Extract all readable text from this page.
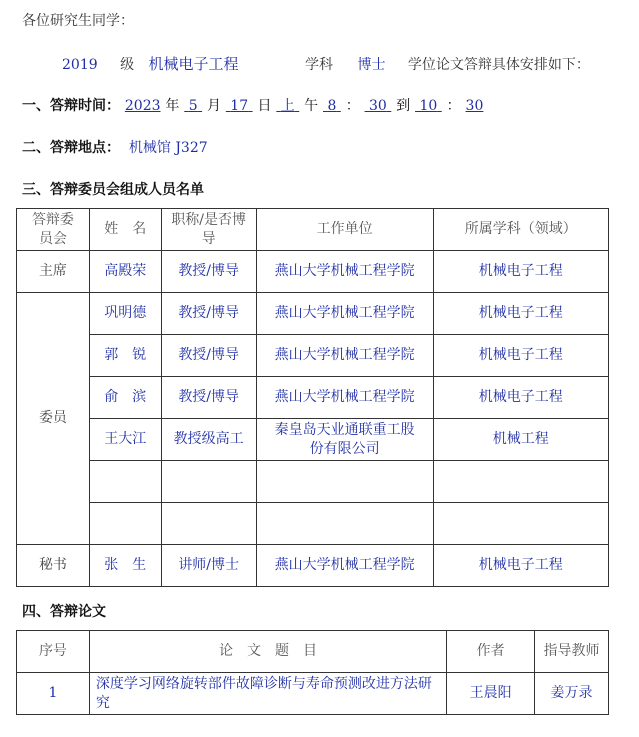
各位研究生同学：
2019 级 机械电子工程	学科 博士 学位论文答辩具体安排如下：
一、答辩时间： 2023 年 5 月 17 日 上 午 8 ： 30 到 10 ： 30
二、答辩地点： 机械馆 J327
三、答辩委员会组成人员名单
答辩委员会	姓　名	职称/是否博导	工作单位	所属学科（领域）
主席	高殿荣	教授/博导	燕山大学机械工程学院	机械电子工程
委员	巩明德	教授/博导	燕山大学机械工程学院	机械电子工程
	郭　锐	教授/博导	燕山大学机械工程学院	机械电子工程
	俞　滨	教授/博导	燕山大学机械工程学院	机械电子工程
	王大江	教授级高工	秦皇岛天业通联重工股份有限公司	机械工程

秘书	张　生	讲师/博士	燕山大学机械工程学院	机械电子工程
四、答辩论文
序号	论　文　题　目	作者	指导教师
1	深度学习网络旋转部件故障诊断与寿命预测改进方法研究	王晨阳	姜万录
